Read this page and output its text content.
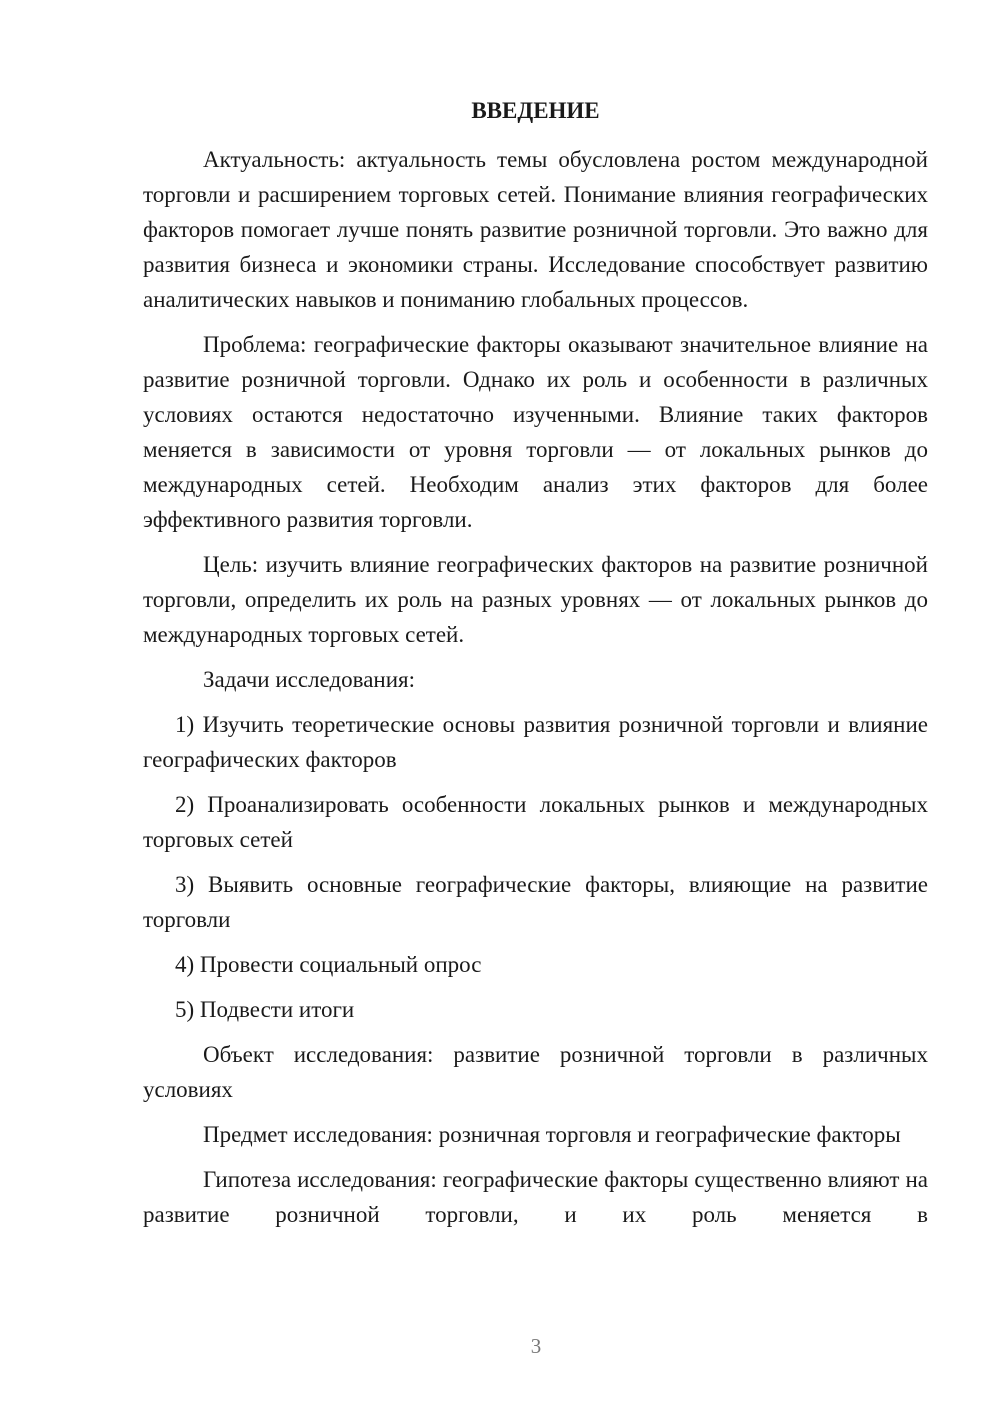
ВВЕДЕНИЕ

Актуальность: актуальность темы обусловлена ростом международной торговли и расширением торговых сетей. Понимание влияния географических факторов помогает лучше понять развитие розничной торговли. Это важно для развития бизнеса и экономики страны. Исследование способствует развитию аналитических навыков и пониманию глобальных процессов.

Проблема: географические факторы оказывают значительное влияние на развитие розничной торговли. Однако их роль и особенности в различных условиях остаются недостаточно изученными. Влияние таких факторов меняется в зависимости от уровня торговли — от локальных рынков до международных сетей. Необходим анализ этих факторов для более эффективного развития торговли.

Цель: изучить влияние географических факторов на развитие розничной торговли, определить их роль на разных уровнях — от локальных рынков до международных торговых сетей.

Задачи исследования:

1) Изучить теоретические основы развития розничной торговли и влияние географических факторов

2) Проанализировать особенности локальных рынков и международных торговых сетей

3) Выявить основные географические факторы, влияющие на развитие торговли

4) Провести социальный опрос

5) Подвести итоги

Объект исследования: развитие розничной торговли в различных условиях

Предмет исследования: розничная торговля и географические факторы

Гипотеза исследования: географические факторы существенно влияют на развитие розничной торговли, и их роль меняется в

3
